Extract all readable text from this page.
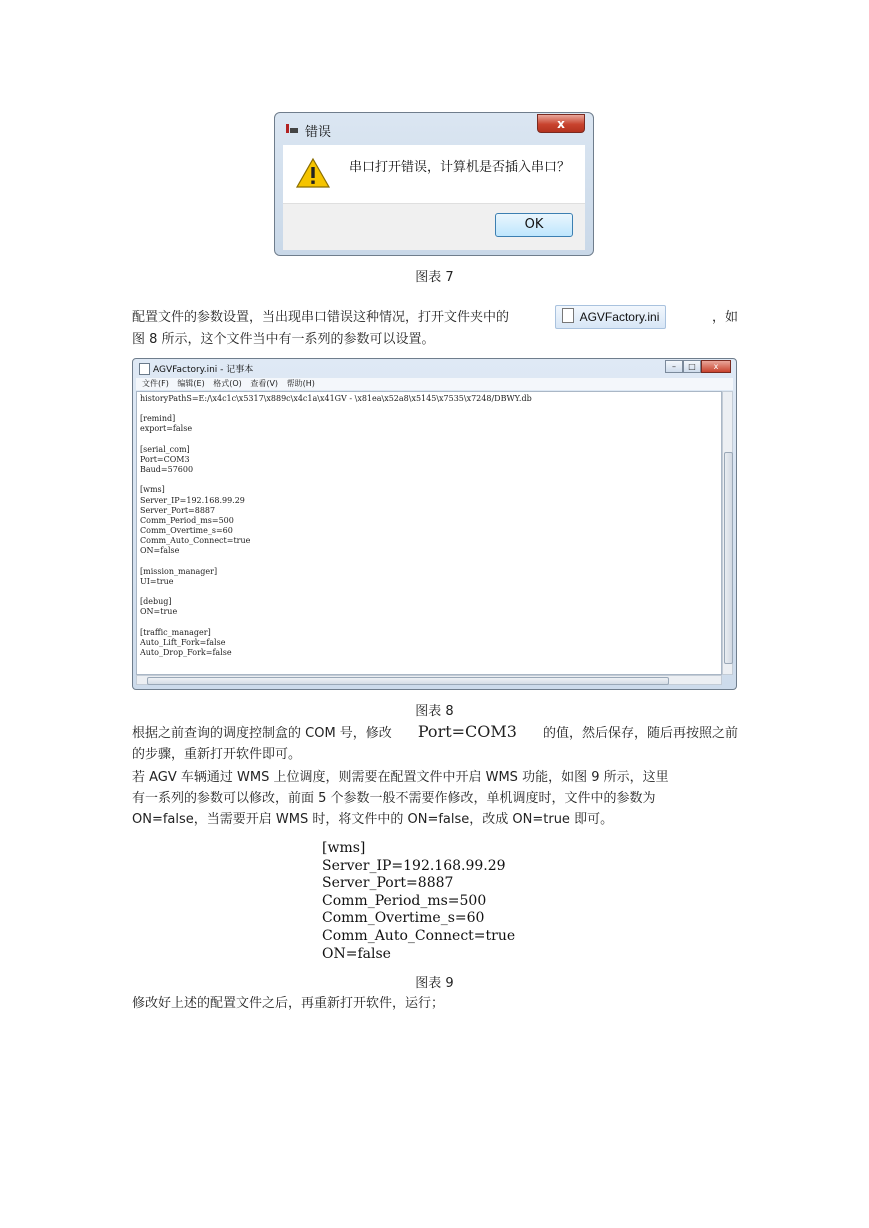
错误
x
串口打开错误，计算机是否插入串口？
OK
图表 7
配置文件的参数设置，当出现串口错误这种情况，打开文件夹中的	AGVFactory.ini	，如
图 8 所示，这个文件当中有一系列的参数可以设置。
AGVFactory.ini - 记事本	–	□	x
文件(F) 编辑(E) 格式(O) 查看(V) 帮助(H)
historyPathS=E:/\x4c1c\x5317\x889c\x4c1a\x41GV - \x81ea\x52a8\x5145\x7535\x7248/DBWY.db

[remind]
export=false

[serial_com]
Port=COM3
Baud=57600

[wms]
Server_IP=192.168.99.29
Server_Port=8887
Comm_Period_ms=500
Comm_Overtime_s=60
Comm_Auto_Connect=true
ON=false

[mission_manager]
UI=true

[debug]
ON=true

[traffic_manager]
Auto_Lift_Fork=false
Auto_Drop_Fork=false
图表 8
根据之前查询的调度控制盒的 COM 号，修改 Port=COM3 的值，然后保存，随后再按照之前
的步骤，重新打开软件即可。
若 AGV 车辆通过 WMS 上位调度，则需要在配置文件中开启 WMS 功能，如图 9 所示，这里
有一系列的参数可以修改，前面 5 个参数一般不需要作修改，单机调度时，文件中的参数为
ON=false，当需要开启 WMS 时，将文件中的 ON=false，改成 ON=true 即可。
[wms]
Server_IP=192.168.99.29
Server_Port=8887
Comm_Period_ms=500
Comm_Overtime_s=60
Comm_Auto_Connect=true
ON=false
图表 9
修改好上述的配置文件之后，再重新打开软件，运行；
